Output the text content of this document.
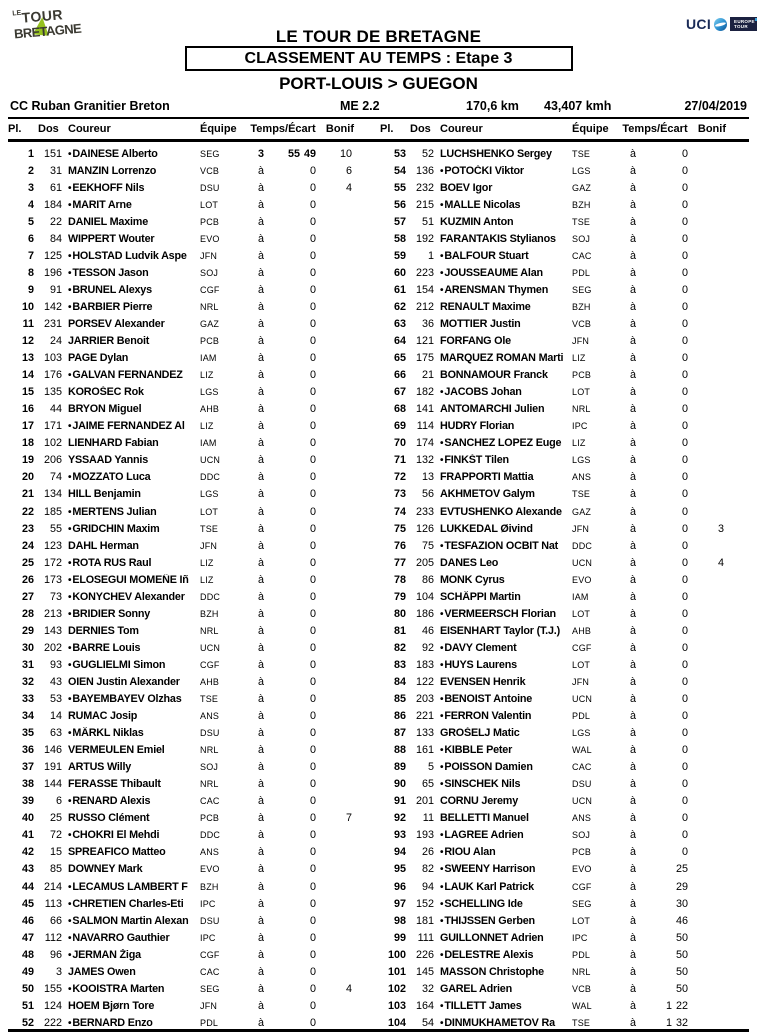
$^{LE}$TOUR
BRETAGNE	UCI	EUROPE
TOUR
LE TOUR DE BRETAGNE
CLASSEMENT AU TEMPS : Etape 3
PORT-LOUIS > GUEGON
CC Ruban Granitier Breton	ME 2.2	170,6 km 43,407 kmh	27/04/2019
Pl.	Dos Coureur	Équipe	Temps/Écart Bonif Pl.	Dos Coureur	Équipe	Temps/Écart Bonif
1 151 •DAINESE Alberto	SEG	3	55 49	10
2	31 MANZIN Lorrenzo	VCB	à	0	6
3	61 •EEKHOFF Nils	DSU	à	0	4
4 184 •MARIT Arne	LOT	à	0
5	22 DANIEL Maxime	PCB	à	0
6	84 WIPPERT Wouter	EVO	à	0
7 125 •HOLSTAD Ludvik Aspe	JFN	à	0
8 196 •TESSON Jason	SOJ	à	0
9	91 •BRUNEL Alexys	CGF	à	0
10 142 •BARBIER Pierre	NRL	à	0
11 231 PORSEV Alexander	GAZ	à	0
12	24 JARRIER Benoit	PCB	à	0
13 103 PAGE Dylan	IAM	à	0
14 176 •GALVAN FERNANDEZ	LIZ	à	0
15 135 KOROŠEC Rok	LGS	à	0
16	44 BRYON Miguel	AHB	à	0
17 171 •JAIME FERNANDEZ Al	LIZ	à	0
18 102 LIENHARD Fabian	IAM	à	0
19 206 YSSAAD Yannis	UCN	à	0
20	74 •MOZZATO Luca	DDC	à	0
21 134 HILL Benjamin	LGS	à	0
22 185 •MERTENS Julian	LOT	à	0
23	55 •GRIDCHIN Maxim	TSE	à	0
24 123 DAHL Herman	JFN	à	0
25 172 •ROTA RUS Raul	LIZ	à	0
26 173 •ELOSEGUI MOMEÑE Iñ	LIZ	à	0
27	73 •KONYCHEV Alexander	DDC	à	0
28 213 •BRIDIER Sonny	BZH	à	0
29 143 DERNIES Tom	NRL	à	0
30 202 •BARRE Louis	UCN	à	0
31	93 •GUGLIELMI Simon	CGF	à	0
32	43 OIEN Justin Alexander	AHB	à	0
33	53 •BAYEMBAYEV Olzhas	TSE	à	0
34	14 RUMAC Josip	ANS	à	0
35	63 •MÄRKL Niklas	DSU	à	0
36 146 VERMEULEN Emiel	NRL	à	0
37 191 ARTUS Willy	SOJ	à	0
38 144 FERASSE Thibault	NRL	à	0
39	6 •RENARD Alexis	CAC	à	0
40	25 RUSSO Clément	PCB	à	0	7
41	72 •CHOKRI El Mehdi	DDC	à	0
42	15 SPREAFICO Matteo	ANS	à	0
43	85 DOWNEY Mark	EVO	à	0
44 214 •LECAMUS LAMBERT F	BZH	à	0
45 113 •CHRETIEN Charles-Eti	IPC	à	0
46	66 •SALMON Martin Alexan	DSU	à	0
47 112 •NAVARRO Gauthier	IPC	à	0
48	96 •JERMAN Žiga	CGF	à	0
49	3 JAMES Owen	CAC	à	0
50 155 •KOOISTRA Marten	SEG	à	0	4
51 124 HOEM Bjørn Tore	JFN	à	0
52 222 •BERNARD Enzo	PDL	à	0
53	52 LUCHSHENKO Sergey	TSE	à	0
54 136 •POTOČKI Viktor	LGS	à	0
55 232 BOEV Igor	GAZ	à	0
56 215 •MALLE Nicolas	BZH	à	0
57	51 KUZMIN Anton	TSE	à	0
58 192 FARANTAKIS Stylianos	SOJ	à	0
59	1 •BALFOUR Stuart	CAC	à	0
60 223 •JOUSSEAUME Alan	PDL	à	0
61 154 •ARENSMAN Thymen	SEG	à	0
62 212 RENAULT Maxime	BZH	à	0
63	36 MOTTIER Justin	VCB	à	0
64 121 FORFANG Ole	JFN	à	0
65 175 MARQUEZ ROMAN Marti LIZ	à	0
66	21 BONNAMOUR Franck	PCB	à	0
67 182 •JACOBS Johan	LOT	à	0
68 141 ANTOMARCHI Julien	NRL	à	0
69 114 HUDRY Florian	IPC	à	0
70 174 •SANCHEZ LOPEZ Euge	LIZ	à	0
71 132 •FINKŠT Tilen	LGS	à	0
72	13 FRAPPORTI Mattia	ANS	à	0
73	56 AKHMETOV Galym	TSE	à	0
74 233 EVTUSHENKO Alexande	GAZ	à	0
75 126 LUKKEDAL Øivind	JFN	à	0	3
76	75 •TESFAZION OCBIT Nat	DDC	à	0
77 205 DANES Leo	UCN	à	0	4
78	86 MONK Cyrus	EVO	à	0
79 104 SCHÄPPI Martin	IAM	à	0
80 186 •VERMEERSCH Florian	LOT	à	0
81	46 EISENHART Taylor (T.J.)	AHB	à	0
82	92 •DAVY Clement	CGF	à	0
83 183 •HUYS Laurens	LOT	à	0
84 122 EVENSEN Henrik	JFN	à	0
85 203 •BENOIST Antoine	UCN	à	0
86 221 •FERRON Valentin	PDL	à	0
87 133 GROŠELJ Matic	LGS	à	0
88 161 •KIBBLE Peter	WAL	à	0
89	5 •POISSON Damien	CAC	à	0
90	65 •SINSCHEK Nils	DSU	à	0
91 201 CORNU Jeremy	UCN	à	0
92	11 BELLETTI Manuel	ANS	à	0
93 193 •LAGREE Adrien	SOJ	à	0
94	26 •RIOU Alan	PCB	à	0
95	82 •SWEENY Harrison	EVO	à	25
96	94 •LAUK Karl Patrick	CGF	à	29
97 152 •SCHELLING Ide	SEG	à	30
98 181 •THIJSSEN Gerben	LOT	à	46
99	111 GUILLONNET Adrien	IPC	à	50
100 226 •DELESTRE Alexis	PDL	à	50
101 145 MASSON Christophe	NRL	à	50
102	32 GAREL Adrien	VCB	à	50
103 164 •TILLETT James	WAL	à	1 22
104	54 •DINMUKHAMETOV Ra	TSE	à	1 32
